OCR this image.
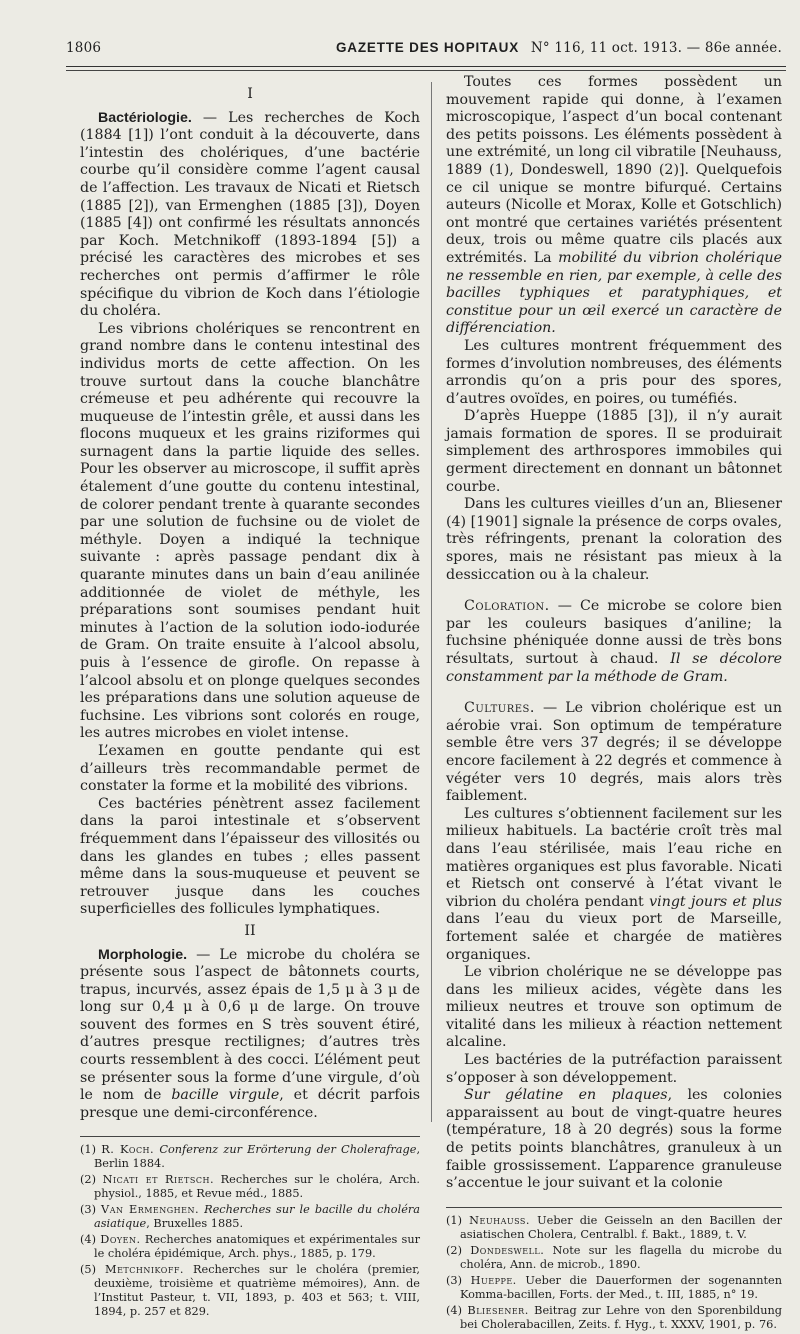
1806	GAZETTE DES HOPITAUX N° 116, 11 oct. 1913. — 86e année.

I

Bactériologie. — Les recherches de Koch (1884 [1]) l’ont conduit à la découverte, dans l’intestin des cholériques, d’une bactérie courbe qu’il considère comme l’agent causal de l’affection. Les travaux de Nicati et Rietsch (1885 [2]), van Ermenghen (1885 [3]), Doyen (1885 [4]) ont confirmé les résultats annoncés par Koch. Metchnikoff (1893-1894 [5]) a précisé les caractères des microbes et ses recherches ont permis d’affirmer le rôle spécifique du vibrion de Koch dans l’étiologie du choléra.

Les vibrions cholériques se rencontrent en grand nombre dans le contenu intestinal des individus morts de cette affection. On les trouve surtout dans la couche blanchâtre crémeuse et peu adhérente qui recouvre la muqueuse de l’intestin grêle, et aussi dans les flocons muqueux et les grains riziformes qui surnagent dans la partie liquide des selles. Pour les observer au microscope, il suffit après étalement d’une goutte du contenu intestinal, de colorer pendant trente à quarante secondes par une solution de fuchsine ou de violet de méthyle. Doyen a indiqué la technique suivante : après passage pendant dix à quarante minutes dans un bain d’eau anilinée additionnée de violet de méthyle, les préparations sont soumises pendant huit minutes à l’action de la solution iodo-iodurée de Gram. On traite ensuite à l’alcool absolu, puis à l’essence de girofle. On repasse à l’alcool absolu et on plonge quelques secondes les préparations dans une solution aqueuse de fuchsine. Les vibrions sont colorés en rouge, les autres microbes en violet intense.

L’examen en goutte pendante qui est d’ailleurs très recommandable permet de constater la forme et la mobilité des vibrions.

Ces bactéries pénètrent assez facilement dans la paroi intestinale et s’observent fréquemment dans l’épaisseur des villosités ou dans les glandes en tubes ; elles passent même dans la sous-muqueuse et peuvent se retrouver jusque dans les couches superficielles des follicules lymphatiques.

II

Morphologie. — Le microbe du choléra se présente sous l’aspect de bâtonnets courts, trapus, incurvés, assez épais de 1,5 μ à 3 μ de long sur 0,4 μ à 0,6 μ de large. On trouve souvent des formes en S très souvent étiré, d’autres presque rectilignes; d’autres très courts ressemblent à des cocci. L’élément peut se présenter sous la forme d’une virgule, d’où le nom de bacille virgule, et décrit parfois presque une demi-circonférence.

(1) R. Koch. Conferenz zur Erörterung der Cholerafrage, Berlin 1884.

(2) Nicati et Rietsch. Recherches sur le choléra, Arch. physiol., 1885, et Revue méd., 1885.

(3) Van Ermenghen. Recherches sur le bacille du choléra asiatique, Bruxelles 1885.

(4) Doyen. Recherches anatomiques et expérimentales sur le choléra épidémique, Arch. phys., 1885, p. 179.

(5) Metchnikoff. Recherches sur le choléra (premier, deuxième, troisième et quatrième mémoires), Ann. de l’Institut Pasteur, t. VII, 1893, p. 403 et 563; t. VIII, 1894, p. 257 et 829.

Toutes ces formes possèdent un mouvement rapide qui donne, à l’examen microscopique, l’aspect d’un bocal contenant des petits poissons. Les éléments possèdent à une extrémité, un long cil vibratile [Neuhauss, 1889 (1), Dondeswell, 1890 (2)]. Quelquefois ce cil unique se montre bifurqué. Certains auteurs (Nicolle et Morax, Kolle et Gotschlich) ont montré que certaines variétés présentent deux, trois ou même quatre cils placés aux extrémités. La mobilité du vibrion cholérique ne ressemble en rien, par exemple, à celle des bacilles typhiques et paratyphiques, et constitue pour un œil exercé un caractère de différenciation.

Les cultures montrent fréquemment des formes d’involution nombreuses, des éléments arrondis qu’on a pris pour des spores, d’autres ovoïdes, en poires, ou tuméfiés.

D’après Hueppe (1885 [3]), il n’y aurait jamais formation de spores. Il se produirait simplement des arthrospores immobiles qui germent directement en donnant un bâtonnet courbe.

Dans les cultures vieilles d’un an, Bliesener (4) [1901] signale la présence de corps ovales, très réfringents, prenant la coloration des spores, mais ne résistant pas mieux à la dessiccation ou à la chaleur.

Coloration. — Ce microbe se colore bien par les couleurs basiques d’aniline; la fuchsine phéniquée donne aussi de très bons résultats, surtout à chaud. Il se décolore constamment par la méthode de Gram.

Cultures. — Le vibrion cholérique est un aérobie vrai. Son optimum de température semble être vers 37 degrés; il se développe encore facilement à 22 degrés et commence à végéter vers 10 degrés, mais alors très faiblement.

Les cultures s’obtiennent facilement sur les milieux habituels. La bactérie croît très mal dans l’eau stérilisée, mais l’eau riche en matières organiques est plus favorable. Nicati et Rietsch ont conservé à l’état vivant le vibrion du choléra pendant vingt jours et plus dans l’eau du vieux port de Marseille, fortement salée et chargée de matières organiques.

Le vibrion cholérique ne se développe pas dans les milieux acides, végète dans les milieux neutres et trouve son optimum de vitalité dans les milieux à réaction nettement alcaline.

Les bactéries de la putréfaction paraissent s’opposer à son développement.

Sur gélatine en plaques, les colonies apparaissent au bout de vingt-quatre heures (température, 18 à 20 degrés) sous la forme de petits points blanchâtres, granuleux à un faible grossissement. L’apparence granuleuse s’accentue le jour suivant et la colonie

(1) Neuhauss. Ueber die Geisseln an den Bacillen der asiatischen Cholera, Centralbl. f. Bakt., 1889, t. V.

(2) Dondeswell. Note sur les flagella du microbe du choléra, Ann. de microb., 1890.

(3) Hueppe. Ueber die Dauerformen der sogenannten Komma-bacillen, Forts. der Med., t. III, 1885, n° 19.

(4) Bliesener. Beitrag zur Lehre von den Sporenbildung bei Cholerabacillen, Zeits. f. Hyg., t. XXXV, 1901, p. 76.
